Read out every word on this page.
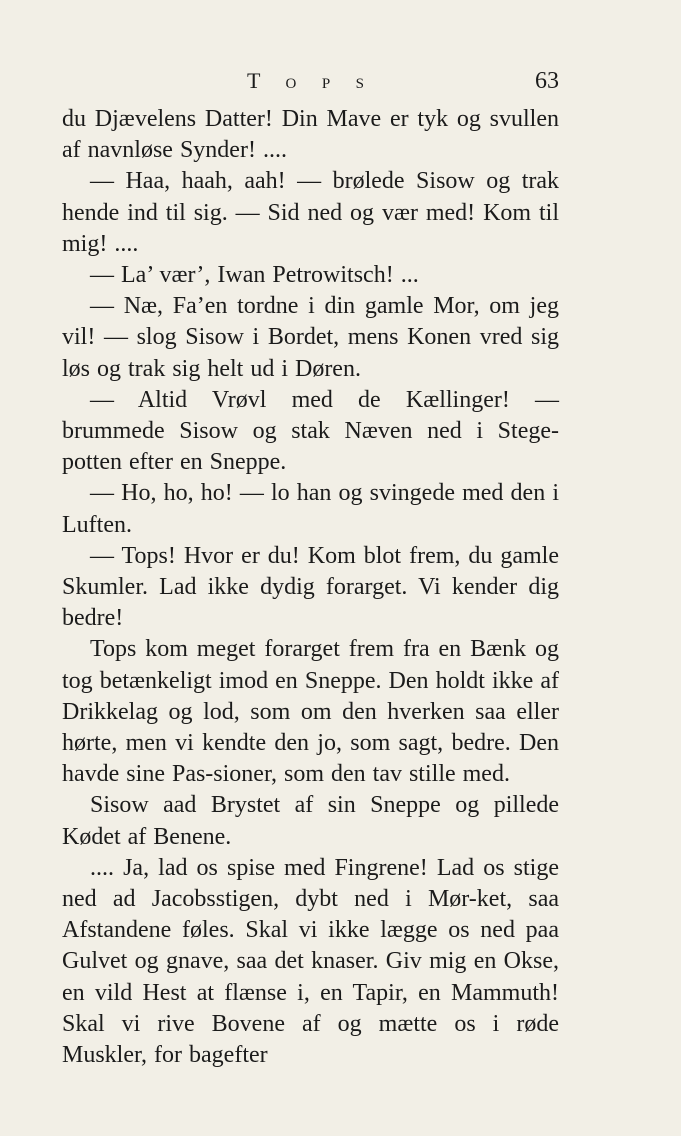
T o p s	63

du Djævelens Datter! Din Mave er tyk og svullen af navnløse Synder! ....

— Haa, haah, aah! — brølede Sisow og trak hende ind til sig. — Sid ned og vær med! Kom til mig! ....

— La’ vær’, Iwan Petrowitsch! ...

— Næ, Fa’en tordne i din gamle Mor, om jeg vil! — slog Sisow i Bordet, mens Konen vred sig løs og trak sig helt ud i Døren.

— Altid Vrøvl med de Kællinger! — brummede Sisow og stak Næven ned i Stege-potten efter en Sneppe.

— Ho, ho, ho! — lo han og svingede med den i Luften.

— Tops! Hvor er du! Kom blot frem, du gamle Skumler. Lad ikke dydig forarget. Vi kender dig bedre!

Tops kom meget forarget frem fra en Bænk og tog betænkeligt imod en Sneppe. Den holdt ikke af Drikkelag og lod, som om den hverken saa eller hørte, men vi kendte den jo, som sagt, bedre. Den havde sine Pas-sioner, som den tav stille med.

Sisow aad Brystet af sin Sneppe og pillede Kødet af Benene.

.... Ja, lad os spise med Fingrene! Lad os stige ned ad Jacobsstigen, dybt ned i Mør-ket, saa Afstandene føles. Skal vi ikke lægge os ned paa Gulvet og gnave, saa det knaser. Giv mig en Okse, en vild Hest at flænse i, en Tapir, en Mammuth! Skal vi rive Bovene af og mætte os i røde Muskler, for bagefter
